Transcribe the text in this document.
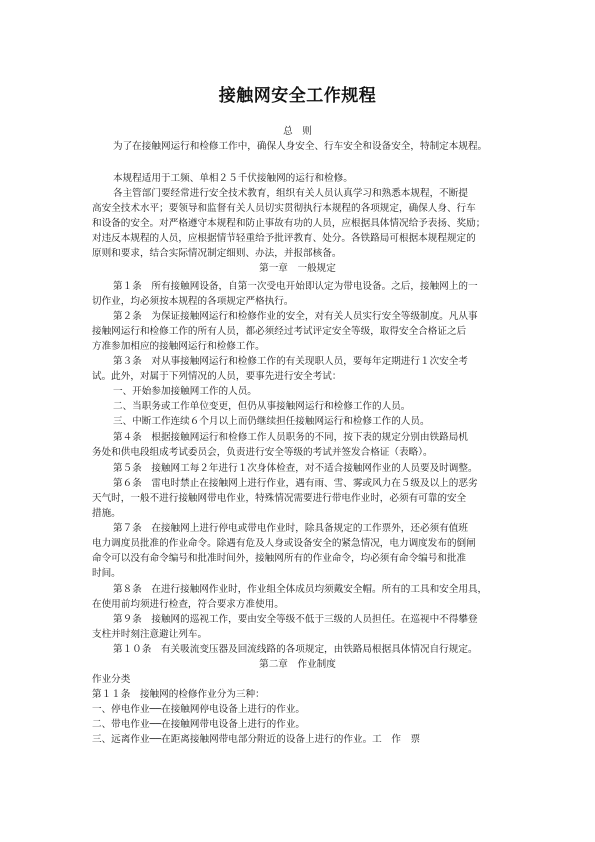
接触网安全工作规程
总　则
为了在接触网运行和检修工作中，确保人身安全、行车安全和设备安全，特制定本规程。
本规程适用于工频、单相２５千伏接触网的运行和检修。
各主管部门要经常进行安全技术教育，组织有关人员认真学习和熟悉本规程，不断提
高安全技术水平；要领导和监督有关人员切实贯彻执行本规程的各项规定，确保人身、行车
和设备的安全。对严格遵守本规程和防止事故有功的人员，应根据具体情况给予表扬、奖励；
对违反本规程的人员，应根据情节轻重给予批评教育、处分。各铁路局可根据本规程规定的
原则和要求，结合实际情况制定细则、办法，并报部核备。
第一章　一般规定
第１条　所有接触网设备，自第一次受电开始即认定为带电设备。之后，接触网上的一
切作业，均必须按本规程的各项规定严格执行。
第２条　为保证接触网运行和检修作业的安全，对有关人员实行安全等级制度。凡从事
接触网运行和检修工作的所有人员，都必须经过考试评定安全等级，取得安全合格证之后
方准参加相应的接触网运行和检修工作。
第３条　对从事接触网运行和检修工作的有关现职人员，要每年定期进行１次安全考
试。此外，对属于下列情况的人员，要事先进行安全考试：
一、开始参加接触网工作的人员。
二、当职务或工作单位变更，但仍从事接触网运行和检修工作的人员。
三、中断工作连续６个月以上而仍继续担任接触网运行和检修工作的人员。
第４条　根据接触网运行和检修工作人员职务的不同，按下表的规定分别由铁路局机
务处和供电段组成考试委员会，负责进行安全等级的考试并签发合格证（表略）。
第５条　接触网工每２年进行１次身体检查，对不适合接触网作业的人员要及时调整。
第６条　雷电时禁止在接触网上进行作业，遇有雨、雪、雾或风力在５级及以上的恶劣
天气时，一般不进行接触网带电作业，特殊情况需要进行带电作业时，必须有可靠的安全
措施。
第７条　在接触网上进行停电或带电作业时，除具备规定的工作票外，还必须有值班
电力调度员批准的作业命令。除遇有危及人身或设备安全的紧急情况，电力调度发布的倒闸
命令可以没有命令编号和批准时间外，接触网所有的作业命令，均必须有命令编号和批准
时间。
第８条　在进行接触网作业时，作业组全体成员均须戴安全帽。所有的工具和安全用具，
在使用前均须进行检查，符合要求方准使用。
第９条　接触网的巡视工作，要由安全等级不低于三级的人员担任。在巡视中不得攀登
支柱并时刻注意避让列车。
第１０条　有关吸流变压器及回流线路的各项规定，由铁路局根据具体情况自行规定。
第二章　作业制度
作业分类
第１１条　接触网的检修作业分为三种：
一、停电作业──在接触网停电设备上进行的作业。
二、带电作业──在接触网带电设备上进行的作业。
三、远离作业──在距离接触网带电部分附近的设备上进行的作业。工　作　票
